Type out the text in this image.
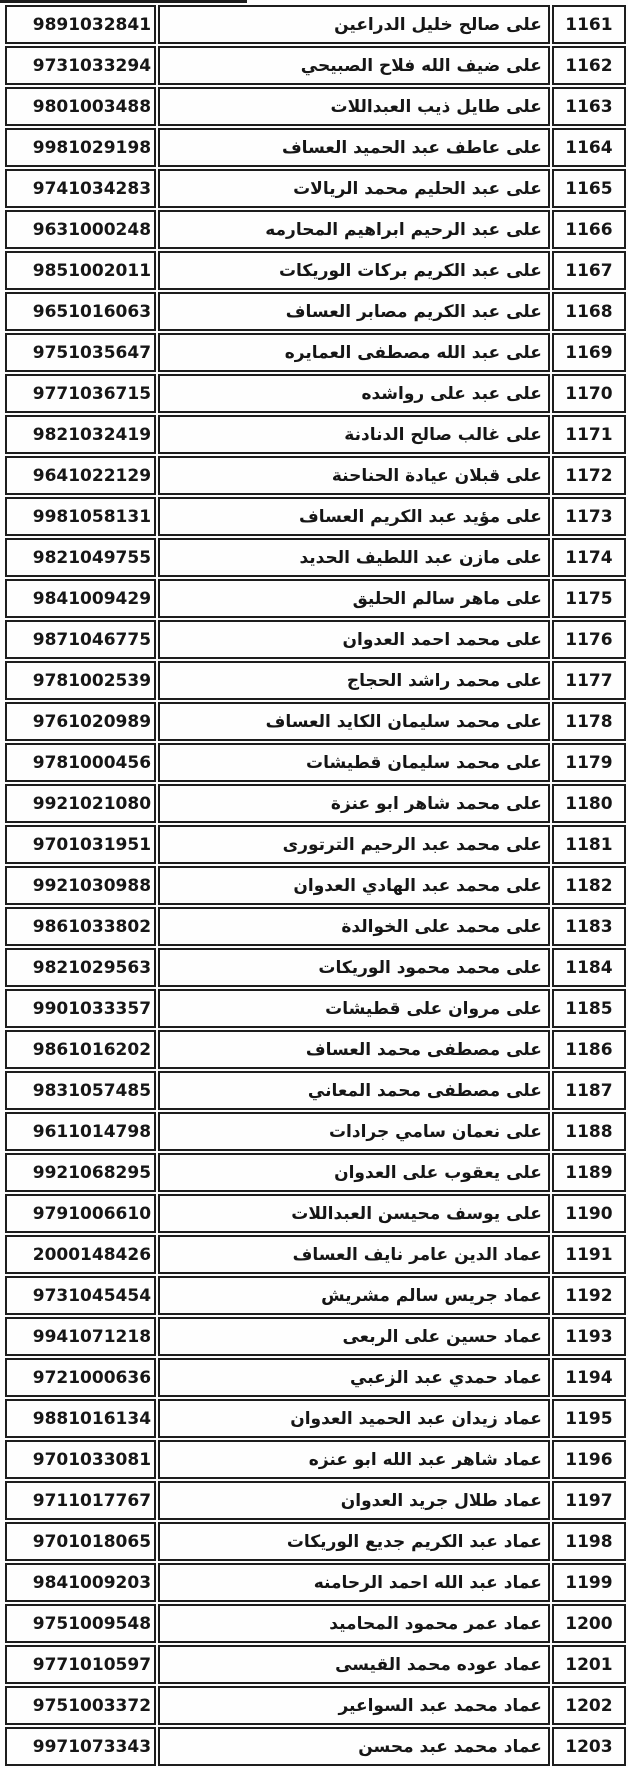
1161	على صالح خليل الدراعين	9891032841
1162	على ضيف الله فلاح الصبيحي	9731033294
1163	على طايل ذيب العبداللات	9801003488
1164	على عاطف عبد الحميد العساف	9981029198
1165	على عبد الحليم محمد الريالات	9741034283
1166	على عبد الرحيم ابراهيم المحارمه	9631000248
1167	على عبد الكريم بركات الوريكات	9851002011
1168	على عبد الكريم مصابر العساف	9651016063
1169	على عبد الله مصطفى العمايره	9751035647
1170	على عبد على رواشده	9771036715
1171	على غالب صالح الدنادنة	9821032419
1172	على قبلان عيادة الحناحنة	9641022129
1173	على مؤيد عبد الكريم العساف	9981058131
1174	على مازن عبد اللطيف الحديد	9821049755
1175	على ماهر سالم الحليق	9841009429
1176	على محمد احمد العدوان	9871046775
1177	على محمد راشد الحجاج	9781002539
1178	على محمد سليمان الكايد العساف	9761020989
1179	على محمد سليمان قطيشات	9781000456
1180	على محمد شاهر ابو عنزة	9921021080
1181	على محمد عبد الرحيم الترتورى	9701031951
1182	على محمد عبد الهادي العدوان	9921030988
1183	على محمد على الخوالدة	9861033802
1184	على محمد محمود الوريكات	9821029563
1185	على مروان على قطيشات	9901033357
1186	على مصطفى محمد العساف	9861016202
1187	على مصطفى محمد المعاني	9831057485
1188	على نعمان سامي جرادات	9611014798
1189	على يعقوب على العدوان	9921068295
1190	على يوسف محيسن العبداللات	9791006610
1191	عماد الدين عامر نايف العساف	2000148426
1192	عماد جريس سالم مشريش	9731045454
1193	عماد حسين على الربعى	9941071218
1194	عماد حمدي عبد الزعبي	9721000636
1195	عماد زيدان عبد الحميد العدوان	9881016134
1196	عماد شاهر عبد الله ابو عنزه	9701033081
1197	عماد طلال جريد العدوان	9711017767
1198	عماد عبد الكريم جديع الوريكات	9701018065
1199	عماد عبد الله احمد الرحامنه	9841009203
1200	عماد عمر محمود المحاميد	9751009548
1201	عماد عوده محمد القيسى	9771010597
1202	عماد محمد عبد السواعير	9751003372
1203	عماد محمد عبد محسن	9971073343
